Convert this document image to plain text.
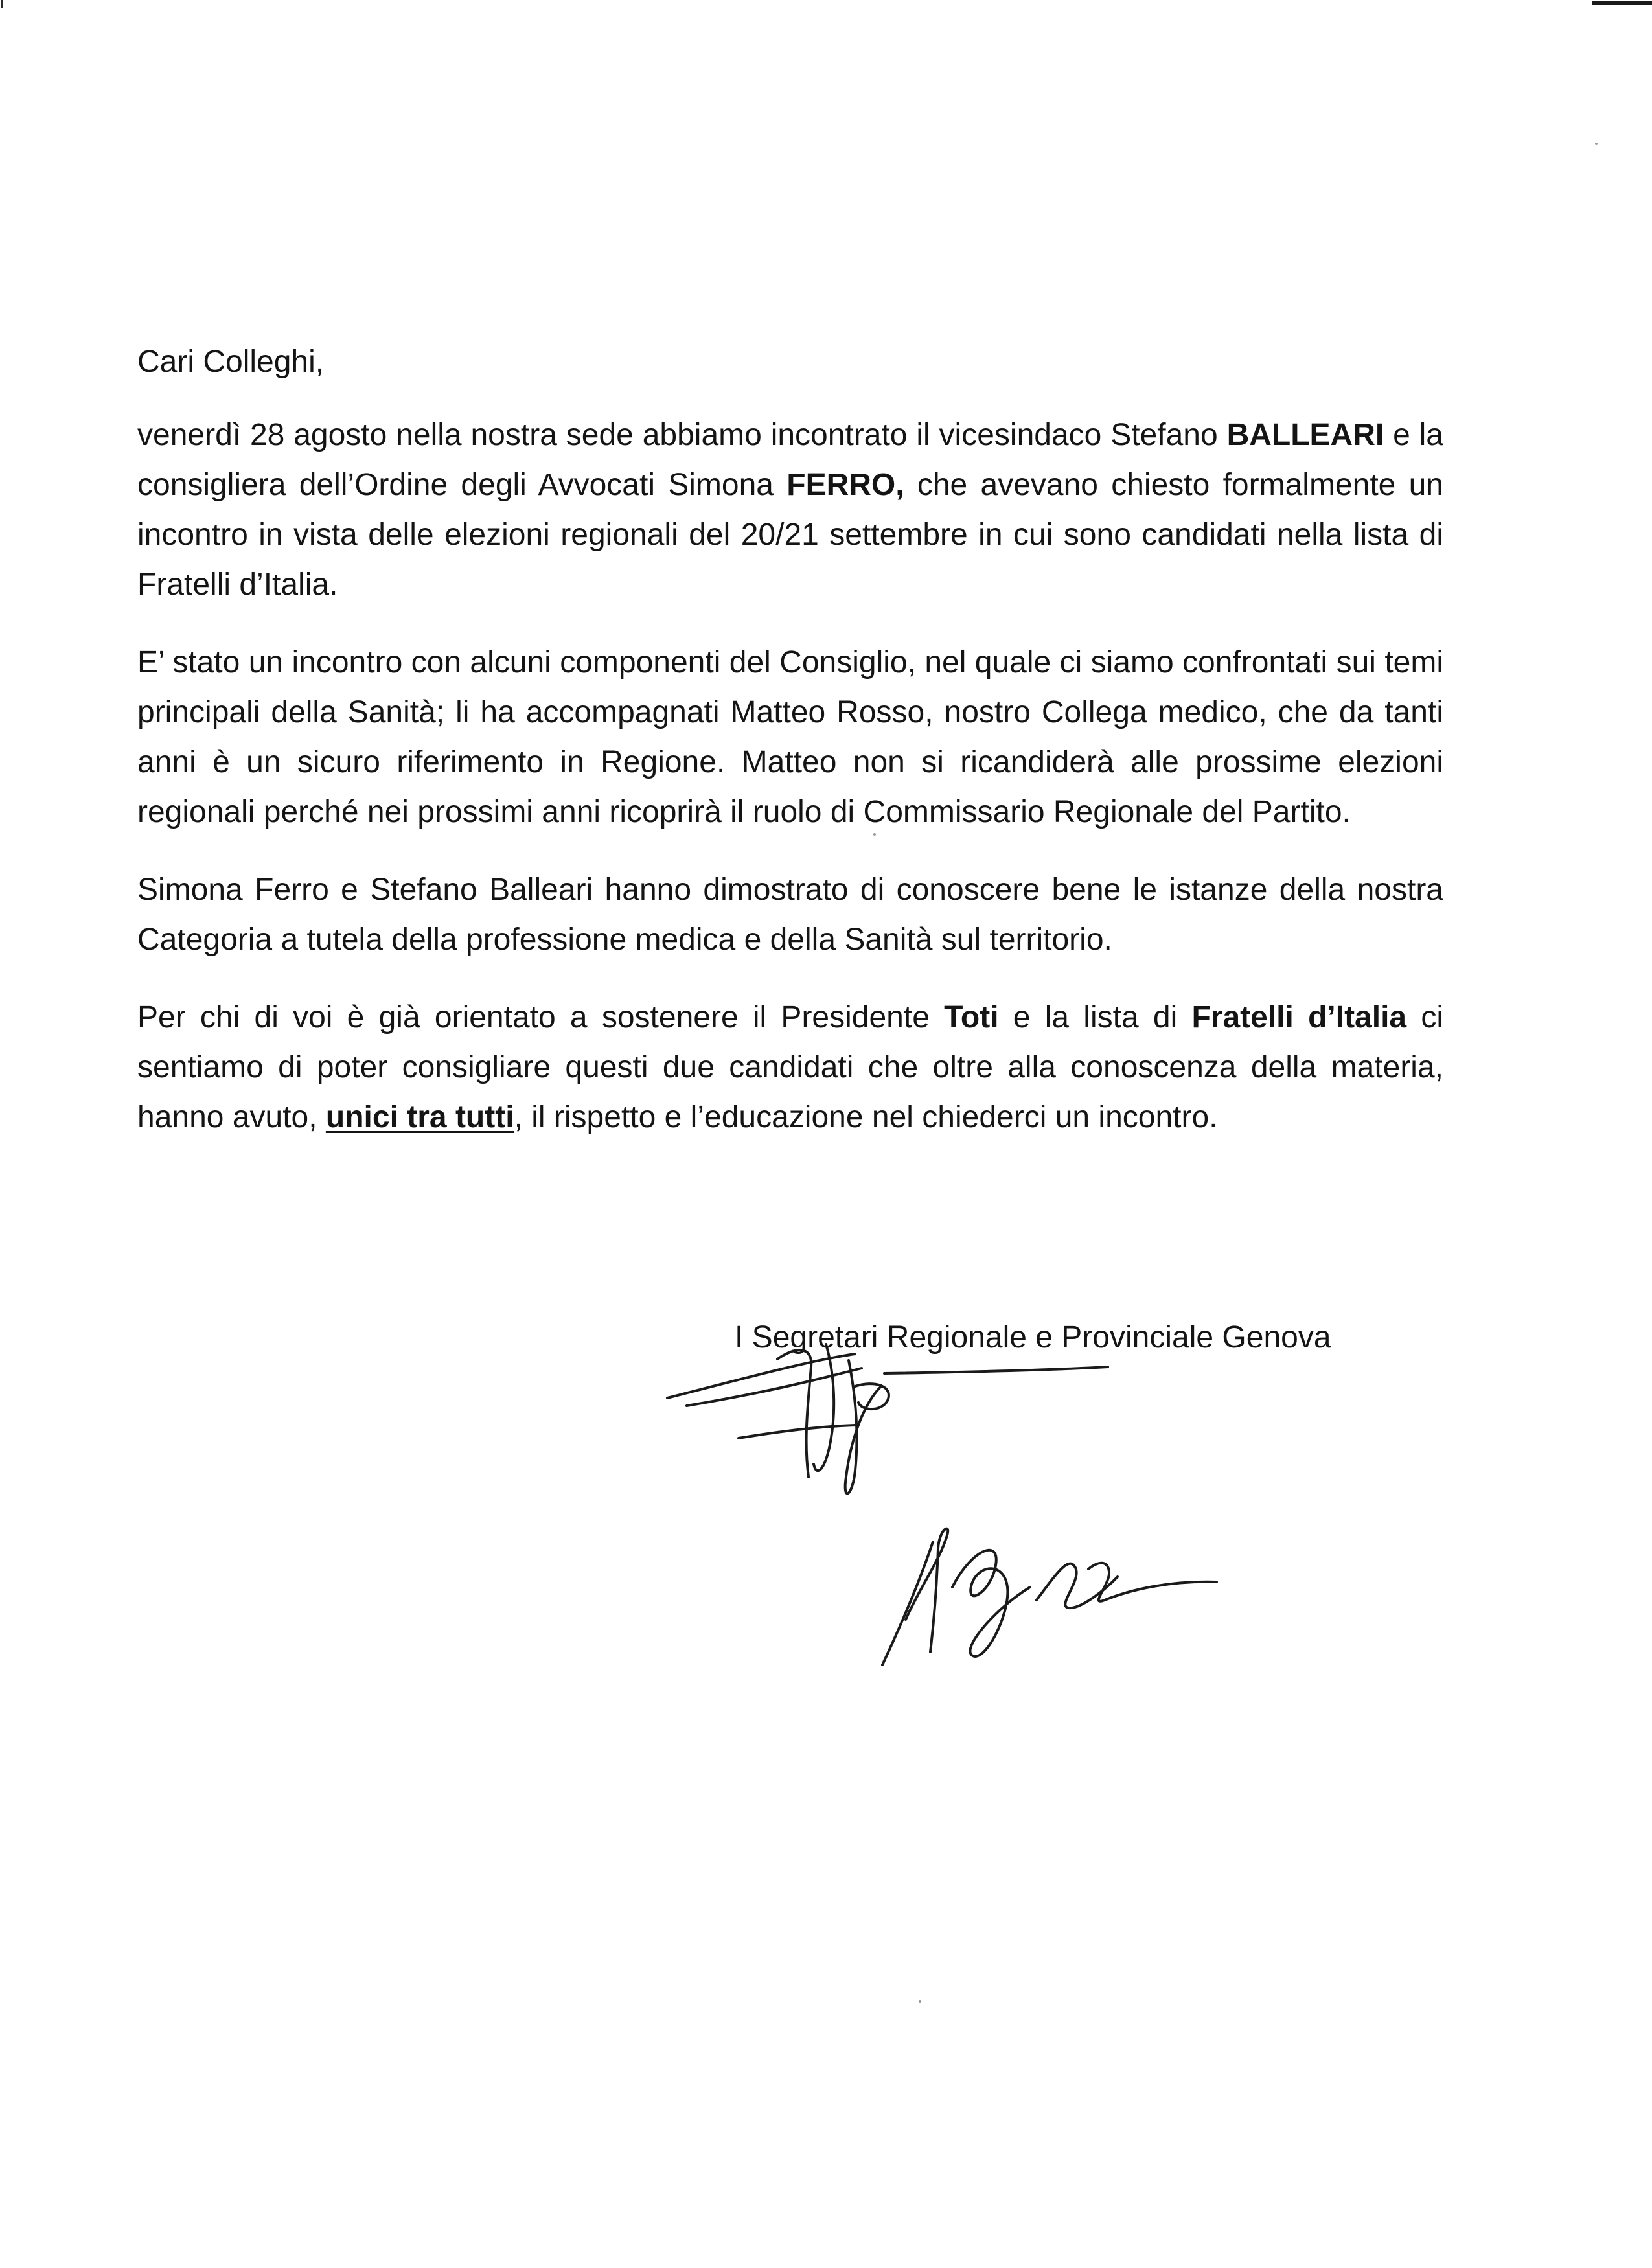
Cari Colleghi,

venerdì 28 agosto nella nostra sede abbiamo incontrato il vicesindaco Stefano BALLEARI e la consigliera dell’Ordine degli Avvocati Simona FERRO, che avevano chiesto formalmente un incontro in vista delle elezioni regionali del 20/21 settembre in cui sono candidati nella lista di Fratelli d’Italia.

E’ stato un incontro con alcuni componenti del Consiglio, nel quale ci siamo confrontati sui temi principali della Sanità; li ha accompagnati Matteo Rosso, nostro Collega medico, che da tanti anni è un sicuro riferimento in Regione. Matteo non si ricandiderà alle prossime elezioni regionali perché nei prossimi anni ricoprirà il ruolo di Commissario Regionale del Partito.

Simona Ferro e Stefano Balleari hanno dimostrato di conoscere bene le istanze della nostra Categoria a tutela della professione medica e della Sanità sul territorio.

Per chi di voi è già orientato a sostenere il Presidente Toti e la lista di Fratelli d’Italia ci sentiamo di poter consigliare questi due candidati che oltre alla conoscenza della materia, hanno avuto, unici tra tutti, il rispetto e l’educazione nel chiederci un incontro.

I Segretari Regionale e Provinciale Genova
